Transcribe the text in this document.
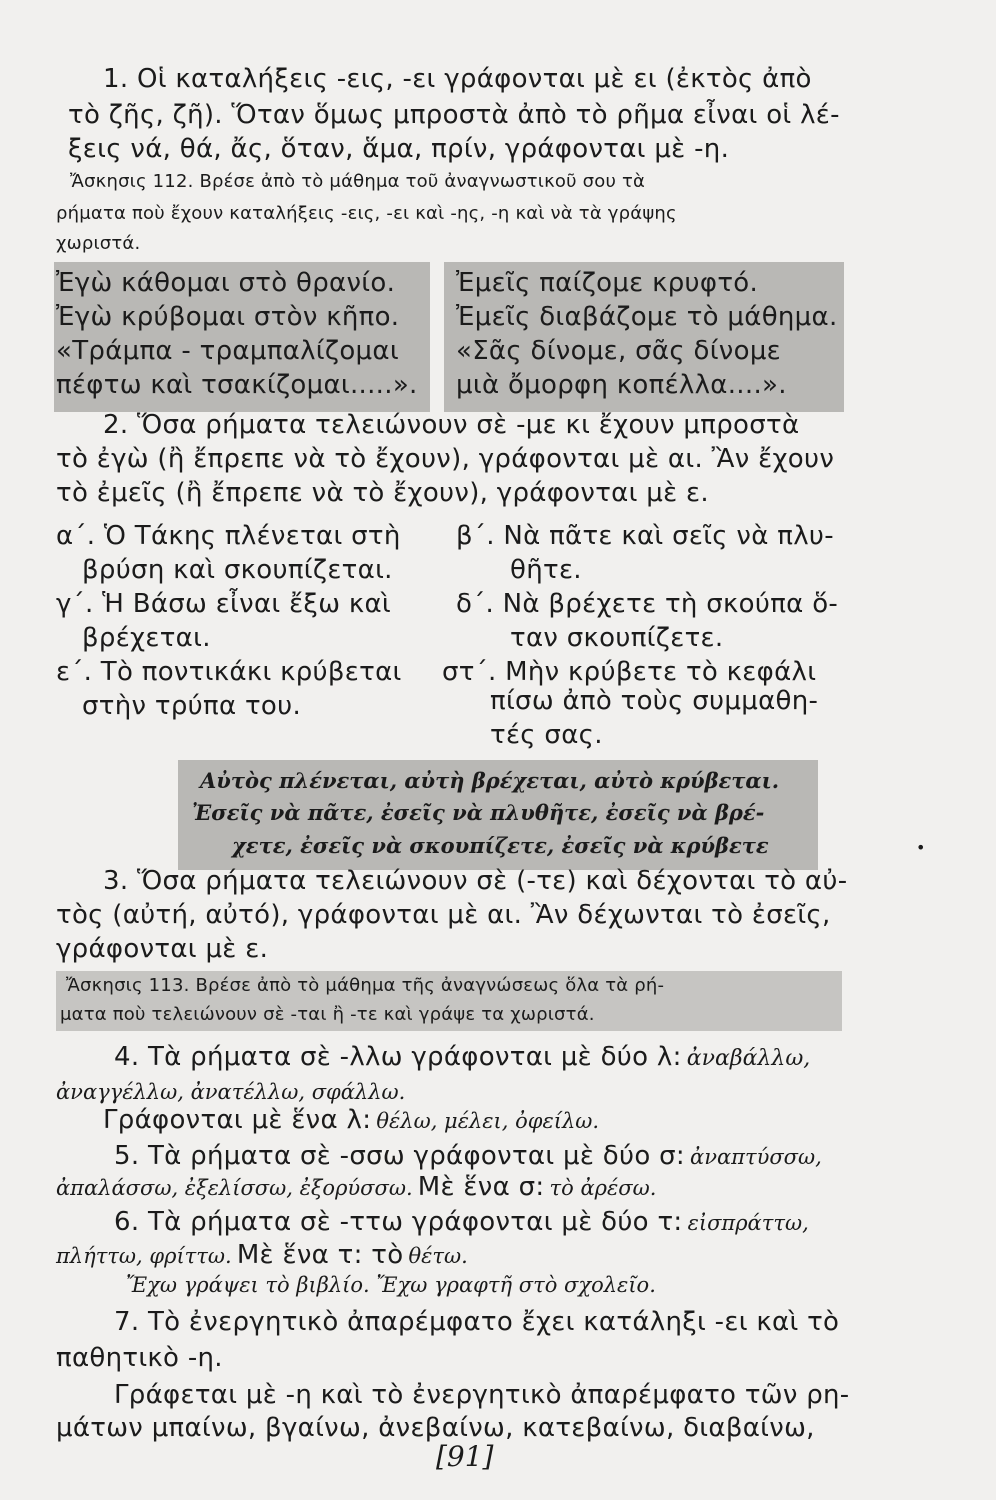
1. Οἱ καταλήξεις -εις, -ει γράφονται μὲ ει (ἐκτὸς ἀπὸ
τὸ ζῆς, ζῆ). Ὅταν ὅμως μπροστὰ ἀπὸ τὸ ρῆμα εἶναι οἱ λέ-
ξεις νά, θά, ἄς, ὅταν, ἅμα, πρίν, γράφονται μὲ -η.
Ἄσκησις 112. Βρέσε ἀπὸ τὸ μάθημα τοῦ ἀναγνωστικοῦ σου τὰ
ρήματα ποὺ ἔχουν καταλήξεις -εις, -ει καὶ -ης, -η καὶ νὰ τὰ γράψης
χωριστά.
Ἐγὼ κάθομαι στὸ θρανίο.
Ἐγὼ κρύβομαι στὸν κῆπο.
«Τράμπα - τραμπαλίζομαι
πέφτω καὶ τσακίζομαι.....».
Ἐμεῖς παίζομε κρυφτό.
Ἐμεῖς διαβάζομε τὸ μάθημα.
«Σᾶς δίνομε, σᾶς δίνομε
μιὰ ὄμορφη κοπέλλα....».
2. Ὅσα ρήματα τελειώνουν σὲ -με κι ἔχουν μπροστὰ
τὸ ἐγὼ (ἢ ἔπρεπε νὰ τὸ ἔχουν), γράφονται μὲ αι. Ἂν ἔχουν
τὸ ἐμεῖς (ἢ ἔπρεπε νὰ τὸ ἔχουν), γράφονται μὲ ε.
α΄. Ὁ Τάκης πλένεται στὴ
βρύση καὶ σκουπίζεται.
β΄. Νὰ πᾶτε καὶ σεῖς νὰ πλυ-
θῆτε.
γ΄. Ἡ Βάσω εἶναι ἔξω καὶ
βρέχεται.
δ΄. Νὰ βρέχετε τὴ σκούπα ὅ-
ταν σκουπίζετε.
ε΄. Τὸ ποντικάκι κρύβεται
στὴν τρύπα του.
στ΄. Μὴν κρύβετε τὸ κεφάλι
πίσω ἀπὸ τοὺς συμμαθη-
τές σας.
Αὐτὸς πλένεται, αὐτὴ βρέχεται, αὐτὸ κρύβεται.
Ἐσεῖς νὰ πᾶτε, ἐσεῖς νὰ πλυθῆτε, ἐσεῖς νὰ βρέ-
χετε, ἐσεῖς νὰ σκουπίζετε, ἐσεῖς νὰ κρύβετε
3. Ὅσα ρήματα τελειώνουν σὲ (-τε) καὶ δέχονται τὸ αὐ-
τὸς (αὐτή, αὐτό), γράφονται μὲ αι. Ἂν δέχωνται τὸ ἐσεῖς,
γράφονται μὲ ε.
Ἄσκησις 113. Βρέσε ἀπὸ τὸ μάθημα τῆς ἀναγνώσεως ὅλα τὰ ρή-
ματα ποὺ τελειώνουν σὲ -ται ἢ -τε καὶ γράψε τα χωριστά.
4. Τὰ ρήματα σὲ -λλω γράφονται μὲ δύο λ: ἀναβάλλω,
ἀναγγέλλω, ἀνατέλλω, σφάλλω.
Γράφονται μὲ ἕνα λ: θέλω, μέλει, ὀφείλω.
5. Τὰ ρήματα σὲ -σσω γράφονται μὲ δύο σ: ἀναπτύσσω,
ἀπαλάσσω, ἐξελίσσω, ἐξορύσσω. Μὲ ἕνα σ: τὸ ἀρέσω.
6. Τὰ ρήματα σὲ -ττω γράφονται μὲ δύο τ: εἰσπράττω,
πλήττω, φρίττω. Μὲ ἕνα τ: τὸ θέτω.
Ἔχω γράψει τὸ βιβλίο. Ἔχω γραφτῆ στὸ σχολεῖο.
7. Τὸ ἐνεργητικὸ ἀπαρέμφατο ἔχει κατάληξι -ει καὶ τὸ
παθητικὸ -η.
Γράφεται μὲ -η καὶ τὸ ἐνεργητικὸ ἀπαρέμφατο τῶν ρη-
μάτων μπαίνω, βγαίνω, ἀνεβαίνω, κατεβαίνω, διαβαίνω,
[91]
•
